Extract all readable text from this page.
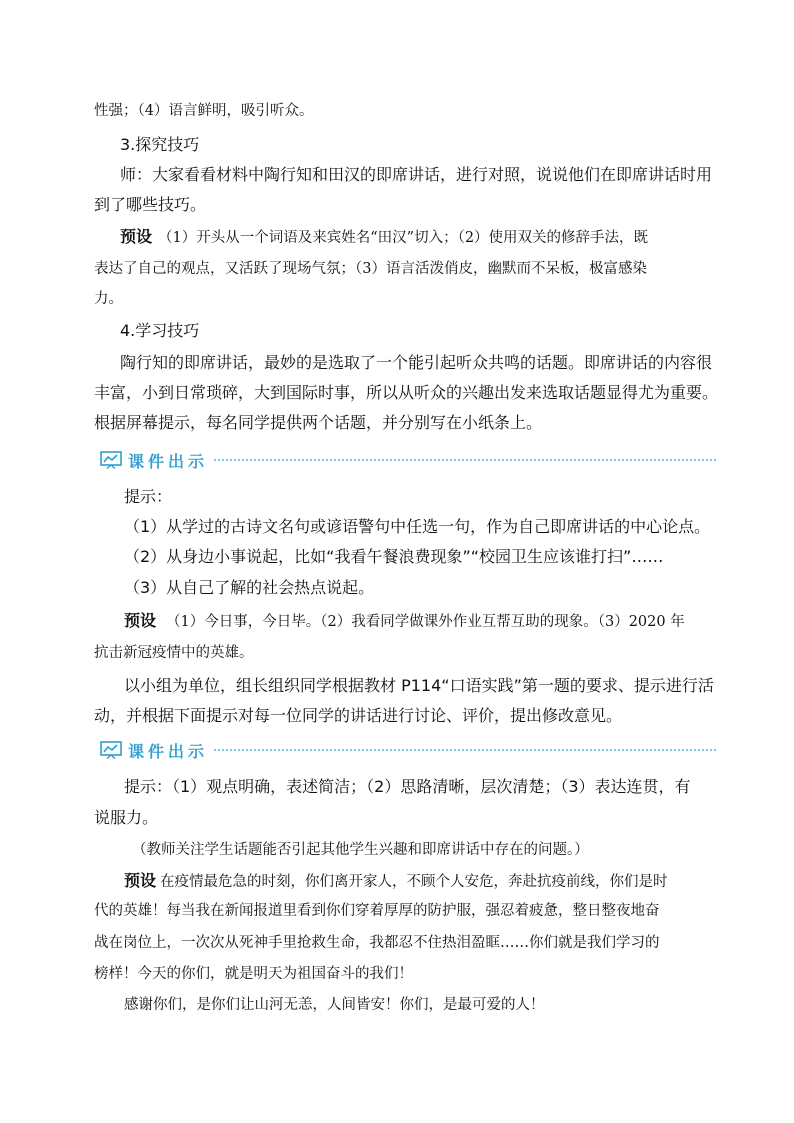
性强；（4）语言鲜明，吸引听众。
3.探究技巧
师：大家看看材料中陶行知和田汉的即席讲话，进行对照，说说他们在即席讲话时用
到了哪些技巧。
预设 （1）开头从一个词语及来宾姓名“田汉”切入；（2）使用双关的修辞手法，既
表达了自己的观点，又活跃了现场气氛；（3）语言活泼俏皮，幽默而不呆板，极富感染
力。
4.学习技巧
陶行知的即席讲话，最妙的是选取了一个能引起听众共鸣的话题。即席讲话的内容很
丰富，小到日常琐碎，大到国际时事，所以从听众的兴趣出发来选取话题显得尤为重要。
根据屏幕提示，每名同学提供两个话题，并分别写在小纸条上。
课件出示
提示：
（1）从学过的古诗文名句或谚语警句中任选一句，作为自己即席讲话的中心论点。
（2）从身边小事说起，比如“我看午餐浪费现象”“校园卫生应该谁打扫”……
（3）从自己了解的社会热点说起。
预设 （1）今日事，今日毕。（2）我看同学做课外作业互帮互助的现象。（3）2020 年
抗击新冠疫情中的英雄。
以小组为单位，组长组织同学根据教材 P114“口语实践”第一题的要求、提示进行活
动，并根据下面提示对每一位同学的讲话进行讨论、评价，提出修改意见。
课件出示
提示：（1）观点明确，表述简洁；（2）思路清晰，层次清楚；（3）表达连贯，有
说服力。
（教师关注学生话题能否引起其他学生兴趣和即席讲话中存在的问题。）
预设 在疫情最危急的时刻，你们离开家人，不顾个人安危，奔赴抗疫前线，你们是时
代的英雄！每当我在新闻报道里看到你们穿着厚厚的防护服，强忍着疲惫，整日整夜地奋
战在岗位上，一次次从死神手里抢救生命，我都忍不住热泪盈眶……你们就是我们学习的
榜样！今天的你们，就是明天为祖国奋斗的我们！
感谢你们，是你们让山河无恙，人间皆安！你们，是最可爱的人！
